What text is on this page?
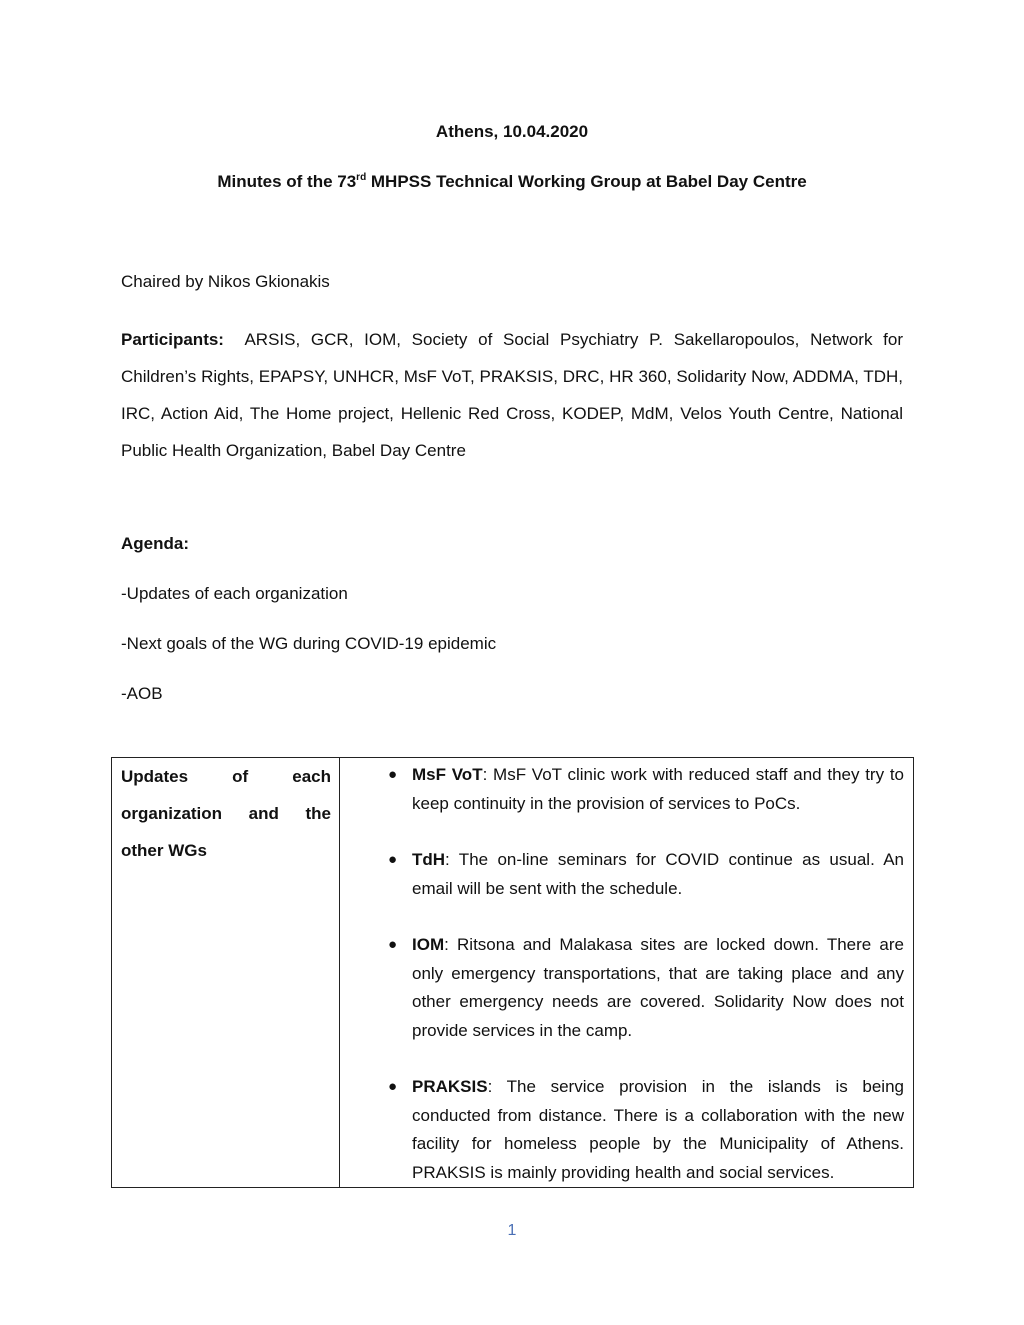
Athens, 10.04.2020
Minutes of the 73rd MHPSS Technical Working Group at Babel Day Centre
Chaired by Nikos Gkionakis
Participants: ARSIS, GCR, IOM, Society of Social Psychiatry P. Sakellaropoulos, Network for Children’s Rights, EPAPSY, UNHCR, MsF VoT, PRAKSIS, DRC, HR 360, Solidarity Now, ADDMA, TDH, IRC, Action Aid, The Home project, Hellenic Red Cross, KODEP, MdM, Velos Youth Centre, National Public Health Organization, Babel Day Centre
Agenda:
-Updates of each organization
-Next goals of the WG during COVID-19 epidemic
-AOB
Updates of each organization and the other WGs	
● MsF VoT: MsF VoT clinic work with reduced staff and they try to keep continuity in the provision of services to PoCs.
● TdH: The on-line seminars for COVID continue as usual. An email will be sent with the schedule.
● IOM: Ritsona and Malakasa sites are locked down. There are only emergency transportations, that are taking place and any other emergency needs are covered. Solidarity Now does not provide services in the camp.
● PRAKSIS: The service provision in the islands is being conducted from distance. There is a collaboration with the new facility for homeless people by the Municipality of Athens. PRAKSIS is mainly providing health and social services.
1
